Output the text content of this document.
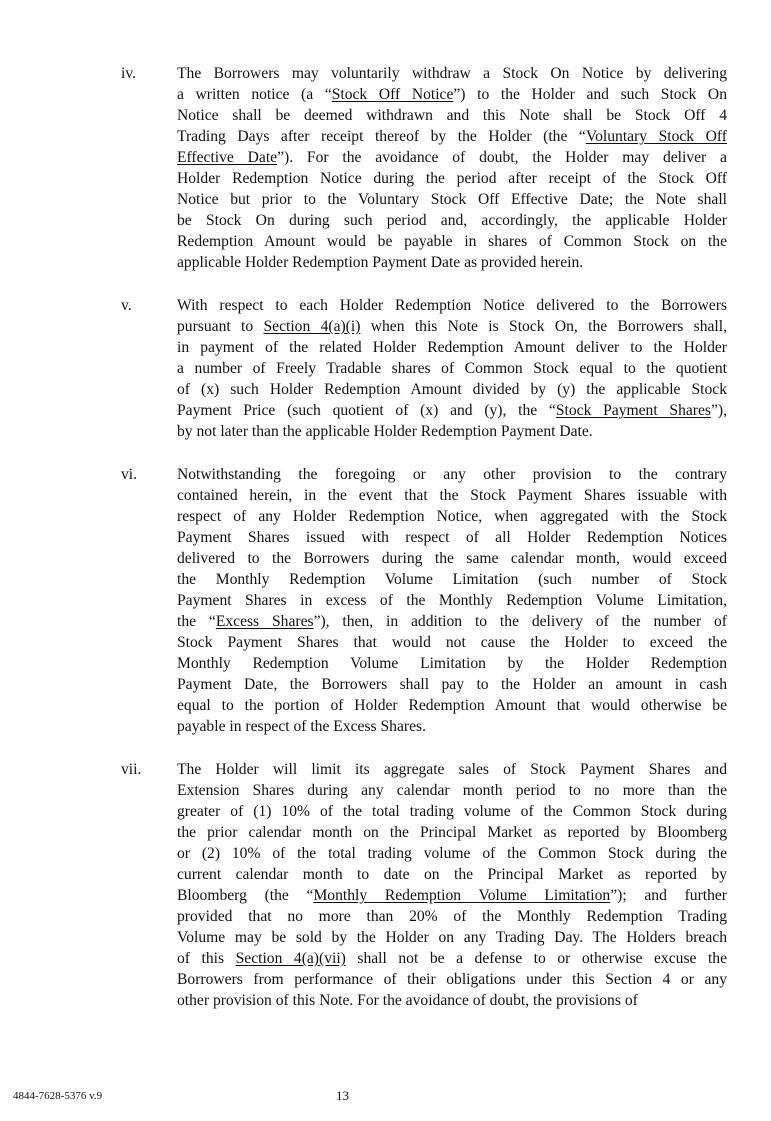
iv.	The Borrowers may voluntarily withdraw a Stock On Notice by delivering
a written notice (a “Stock Off Notice”) to the Holder and such Stock On
Notice shall be deemed withdrawn and this Note shall be Stock Off 4
Trading Days after receipt thereof by the Holder (the “Voluntary Stock Off
Effective Date”). For the avoidance of doubt, the Holder may deliver a
Holder Redemption Notice during the period after receipt of the Stock Off
Notice but prior to the Voluntary Stock Off Effective Date; the Note shall
be Stock On during such period and, accordingly, the applicable Holder
Redemption Amount would be payable in shares of Common Stock on the
applicable Holder Redemption Payment Date as provided herein.
v.	With respect to each Holder Redemption Notice delivered to the Borrowers
pursuant to Section 4(a)(i) when this Note is Stock On, the Borrowers shall,
in payment of the related Holder Redemption Amount deliver to the Holder
a number of Freely Tradable shares of Common Stock equal to the quotient
of (x) such Holder Redemption Amount divided by (y) the applicable Stock
Payment Price (such quotient of (x) and (y), the “Stock Payment Shares”),
by not later than the applicable Holder Redemption Payment Date.
vi.	Notwithstanding the foregoing or any other provision to the contrary
contained herein, in the event that the Stock Payment Shares issuable with
respect of any Holder Redemption Notice, when aggregated with the Stock
Payment Shares issued with respect of all Holder Redemption Notices
delivered to the Borrowers during the same calendar month, would exceed
the Monthly Redemption Volume Limitation (such number of Stock
Payment Shares in excess of the Monthly Redemption Volume Limitation,
the “Excess Shares”), then, in addition to the delivery of the number of
Stock Payment Shares that would not cause the Holder to exceed the
Monthly Redemption Volume Limitation by the Holder Redemption
Payment Date, the Borrowers shall pay to the Holder an amount in cash
equal to the portion of Holder Redemption Amount that would otherwise be
payable in respect of the Excess Shares.
vii. The Holder will limit its aggregate sales of Stock Payment Shares and
Extension Shares during any calendar month period to no more than the
greater of (1) 10% of the total trading volume of the Common Stock during
the prior calendar month on the Principal Market as reported by Bloomberg
or (2) 10% of the total trading volume of the Common Stock during the
current calendar month to date on the Principal Market as reported by
Bloomberg (the “Monthly Redemption Volume Limitation”); and further
provided that no more than 20% of the Monthly Redemption Trading
Volume may be sold by the Holder on any Trading Day. The Holders breach
of this Section 4(a)(vii) shall not be a defense to or otherwise excuse the
Borrowers from performance of their obligations under this Section 4 or any
other provision of this Note. For the avoidance of doubt, the provisions of
4844-7628-5376 v.9	13
